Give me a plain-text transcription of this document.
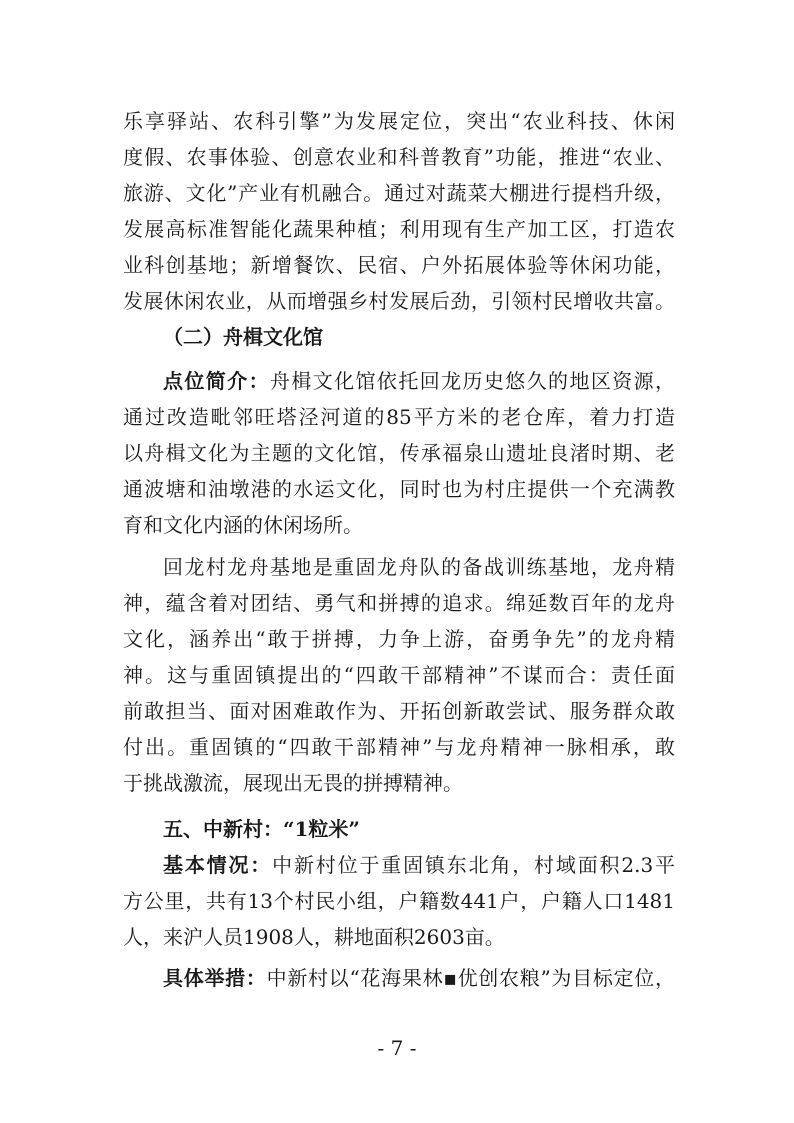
乐享驿站、农科引擎”为发展定位，突出“农业科技、休闲
度假、农事体验、创意农业和科普教育”功能，推进“农业、
旅游、文化”产业有机融合。通过对蔬菜大棚进行提档升级，
发展高标准智能化蔬果种植；利用现有生产加工区，打造农
业科创基地；新增餐饮、民宿、户外拓展体验等休闲功能，
发展休闲农业，从而增强乡村发展后劲，引领村民增收共富。
（二）舟楫文化馆
点位简介：舟楫文化馆依托回龙历史悠久的地区资源，
通过改造毗邻旺塔泾河道的85平方米的老仓库，着力打造
以舟楫文化为主题的文化馆，传承福泉山遗址良渚时期、老
通波塘和油墩港的水运文化，同时也为村庄提供一个充满教
育和文化内涵的休闲场所。
回龙村龙舟基地是重固龙舟队的备战训练基地，龙舟精
神，蕴含着对团结、勇气和拼搏的追求。绵延数百年的龙舟
文化，涵养出“敢于拼搏，力争上游，奋勇争先”的龙舟精
神。这与重固镇提出的“四敢干部精神”不谋而合：责任面
前敢担当、面对困难敢作为、开拓创新敢尝试、服务群众敢
付出。重固镇的“四敢干部精神”与龙舟精神一脉相承，敢
于挑战激流，展现出无畏的拼搏精神。
五、中新村：“1粒米”
基本情况：中新村位于重固镇东北角，村域面积2.3平
方公里，共有13个村民小组，户籍数441户，户籍人口1481
人，来沪人员1908人，耕地面积2603亩。
具体举措：中新村以“花海果林▪优创农粮”为目标定位，
- 7 -
